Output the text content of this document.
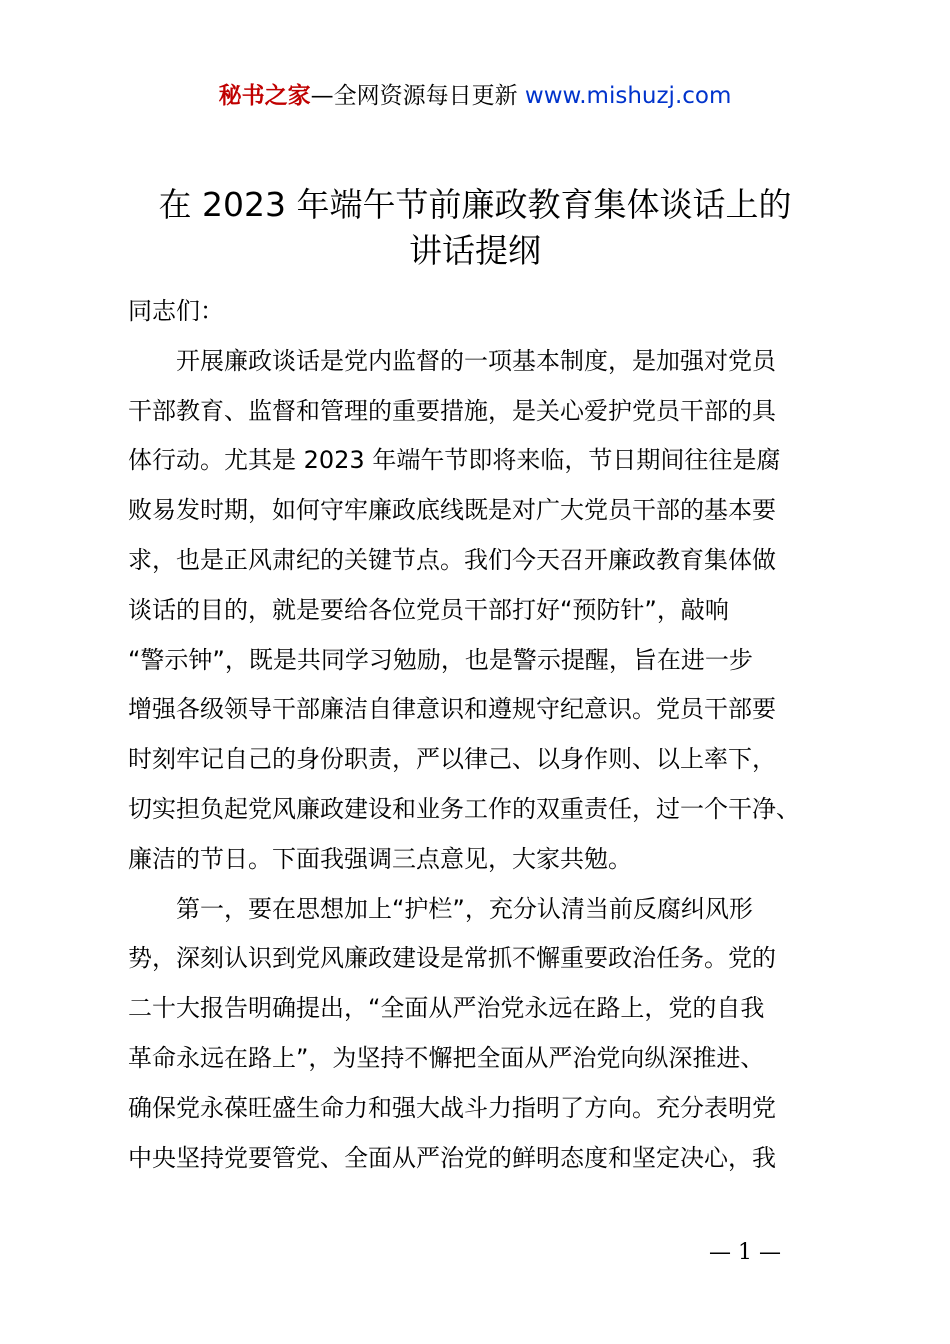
秘书之家—全网资源每日更新 www.mishuzj.com
在 2023 年端午节前廉政教育集体谈话上的
讲话提纲
同志们：
　　开展廉政谈话是党内监督的一项基本制度，是加强对党员
干部教育、监督和管理的重要措施，是关心爱护党员干部的具
体行动。尤其是 2023 年端午节即将来临，节日期间往往是腐
败易发时期，如何守牢廉政底线既是对广大党员干部的基本要
求，也是正风肃纪的关键节点。我们今天召开廉政教育集体做
谈话的目的，就是要给各位党员干部打好“预防针”，敲响
“警示钟”，既是共同学习勉励，也是警示提醒，旨在进一步
增强各级领导干部廉洁自律意识和遵规守纪意识。党员干部要
时刻牢记自己的身份职责，严以律己、以身作则、以上率下，
切实担负起党风廉政建设和业务工作的双重责任，过一个干净、
廉洁的节日。下面我强调三点意见，大家共勉。
　　第一，要在思想加上“护栏”，充分认清当前反腐纠风形
势，深刻认识到党风廉政建设是常抓不懈重要政治任务。党的
二十大报告明确提出，“全面从严治党永远在路上，党的自我
革命永远在路上”，为坚持不懈把全面从严治党向纵深推进、
确保党永葆旺盛生命力和强大战斗力指明了方向。充分表明党
中央坚持党要管党、全面从严治党的鲜明态度和坚定决心，我
— 1 —
